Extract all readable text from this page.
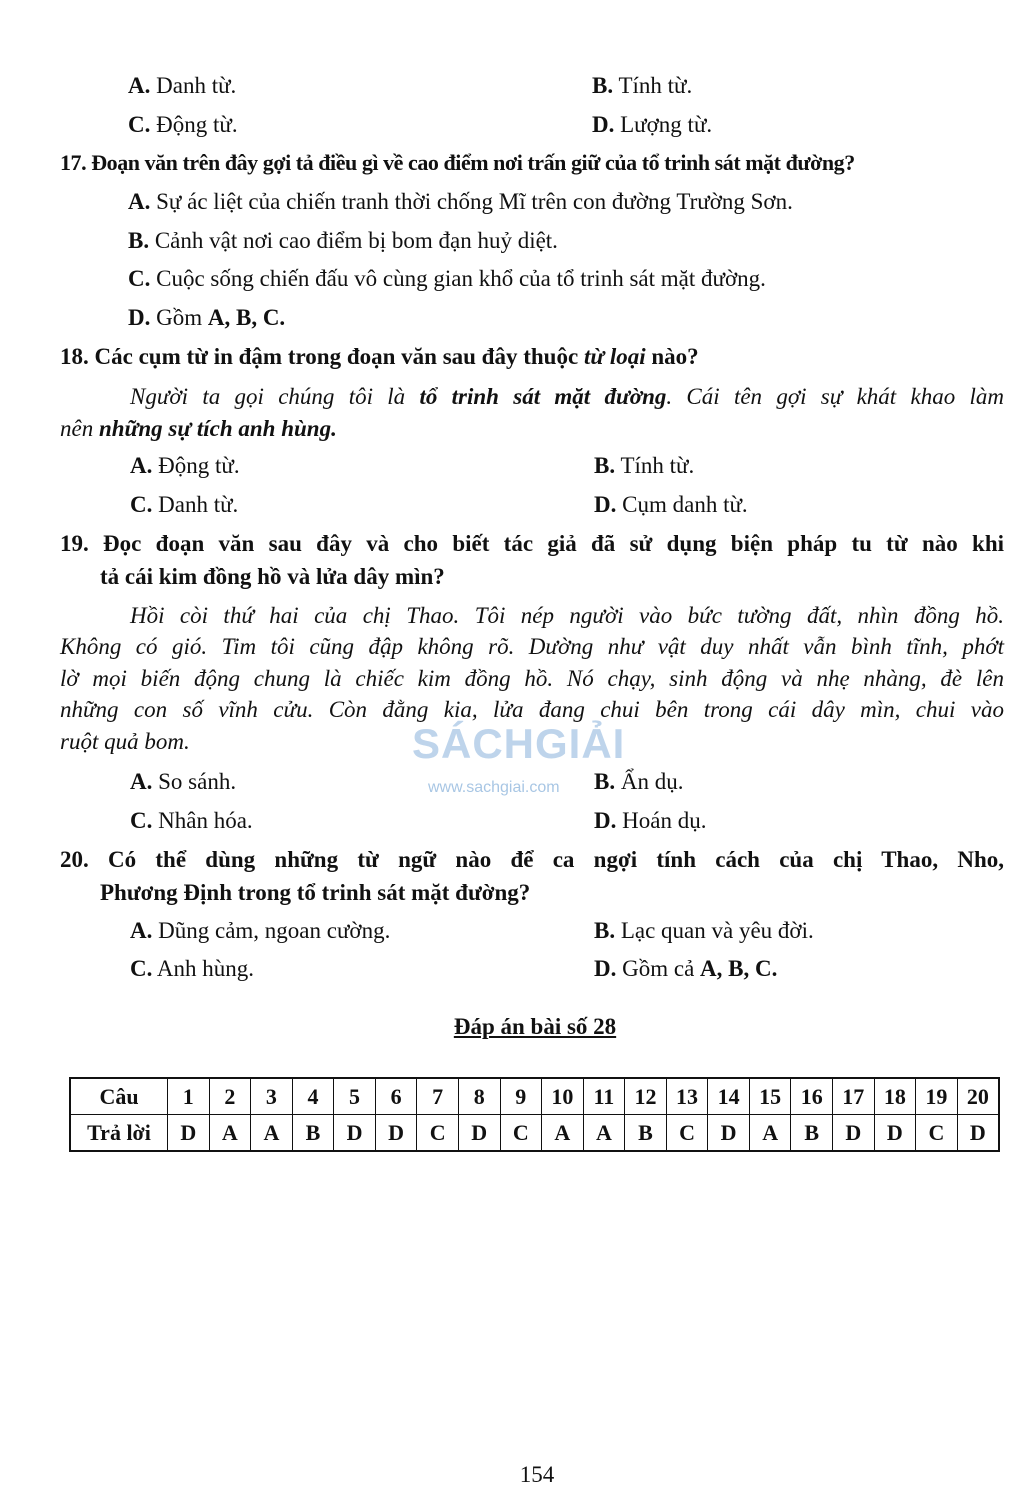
A. Danh từ.	B. Tính từ.
C. Động từ.	D. Lượng từ.
17. Đoạn văn trên đây gợi tả điều gì về cao điểm nơi trấn giữ của tổ trinh sát mặt đường?
A. Sự ác liệt của chiến tranh thời chống Mĩ trên con đường Trường Sơn.
B. Cảnh vật nơi cao điểm bị bom đạn huỷ diệt.
C. Cuộc sống chiến đấu vô cùng gian khổ của tổ trinh sát mặt đường.
D. Gồm A, B, C.
18. Các cụm từ in đậm trong đoạn văn sau đây thuộc từ loại nào?
Người ta gọi chúng tôi là tổ trinh sát mặt đường. Cái tên gợi sự khát khao làm
nên những sự tích anh hùng.
A. Động từ.	B. Tính từ.
C. Danh từ.	D. Cụm danh từ.
19. Đọc đoạn văn sau đây và cho biết tác giả đã sử dụng biện pháp tu từ nào khi
tả cái kim đồng hồ và lửa dây mìn?
Hồi còi thứ hai của chị Thao. Tôi nép người vào bức tường đất, nhìn đồng hồ.
Không có gió. Tim tôi cũng đập không rõ. Dường như vật duy nhất vẫn bình tĩnh, phớt
lờ mọi biến động chung là chiếc kim đồng hồ. Nó chạy, sinh động và nhẹ nhàng, đè lên
những con số vĩnh cửu. Còn đằng kia, lửa đang chui bên trong cái dây mìn, chui vào
ruột quả bom.
A. So sánh.	B. Ẩn dụ.
C. Nhân hóa.	D. Hoán dụ.
20. Có thể dùng những từ ngữ nào để ca ngợi tính cách của chị Thao, Nho,
Phương Định trong tổ trinh sát mặt đường?
A. Dũng cảm, ngoan cường.	B. Lạc quan và yêu đời.
C. Anh hùng.	D. Gồm cả A, B, C.
Đáp án bài số 28
Câu	1	2	3	4	5	6	7	8	9	10	11	12	13	14	15	16	17	18	19	20
Trả lời	D	A	A	B	D	D	C	D	C	A	A	B	C	D	A	B	D	D	C	D
SÁCHGIẢI
www.sachgiai.com
154
